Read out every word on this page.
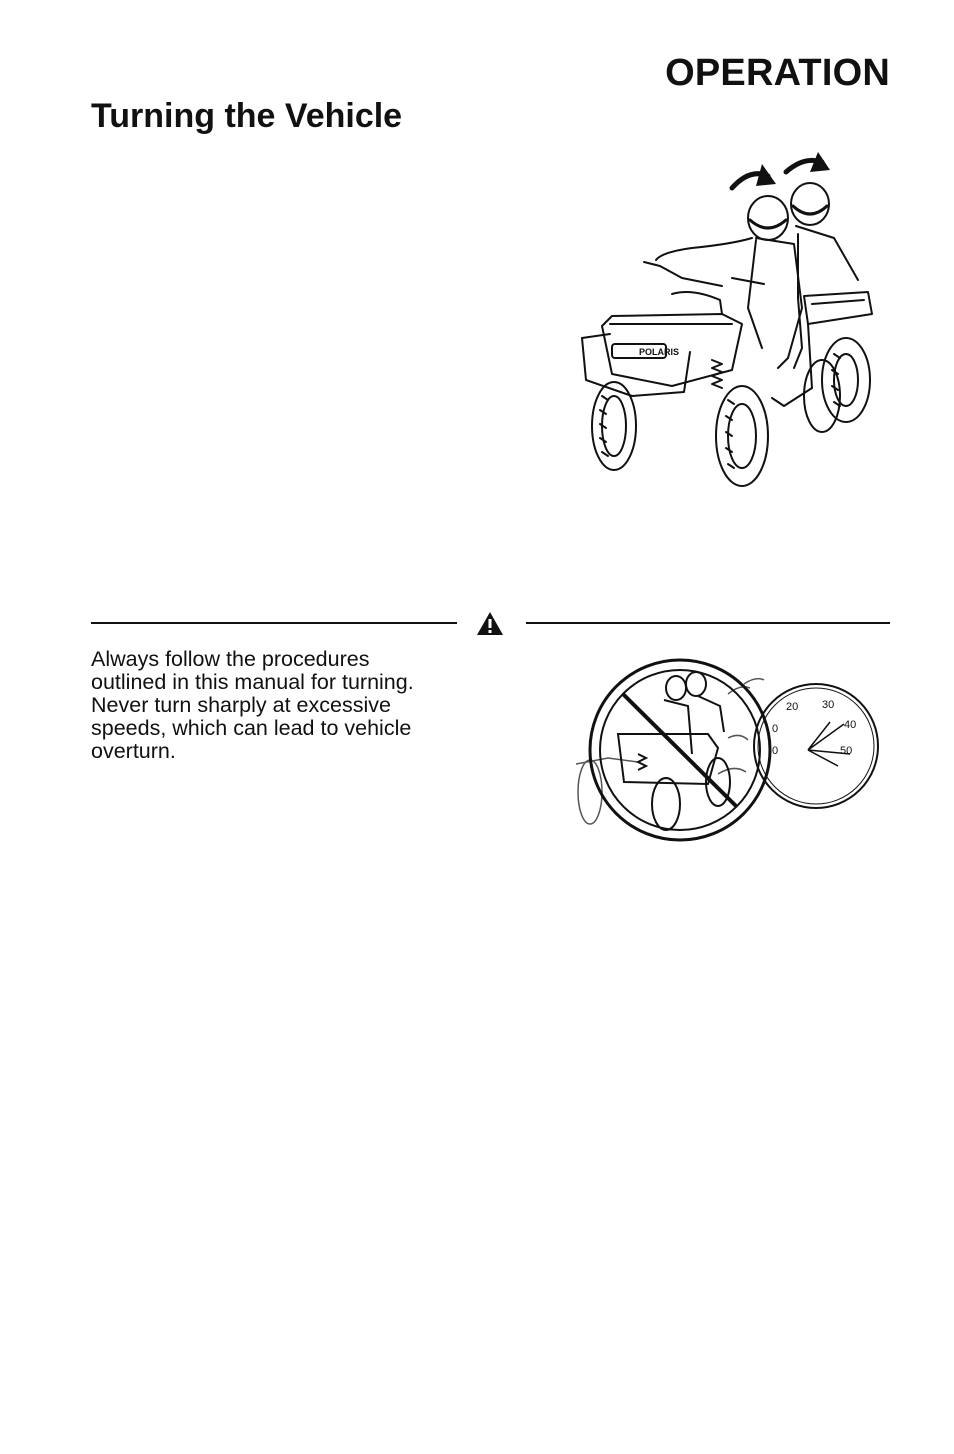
OPERATION
Turning the Vehicle
POLARIS
Always follow the procedures
outlined in this manual for turning.
Never turn sharply at excessive
speeds, which can lead to vehicle
overturn.
20 30
40
50
0
0
